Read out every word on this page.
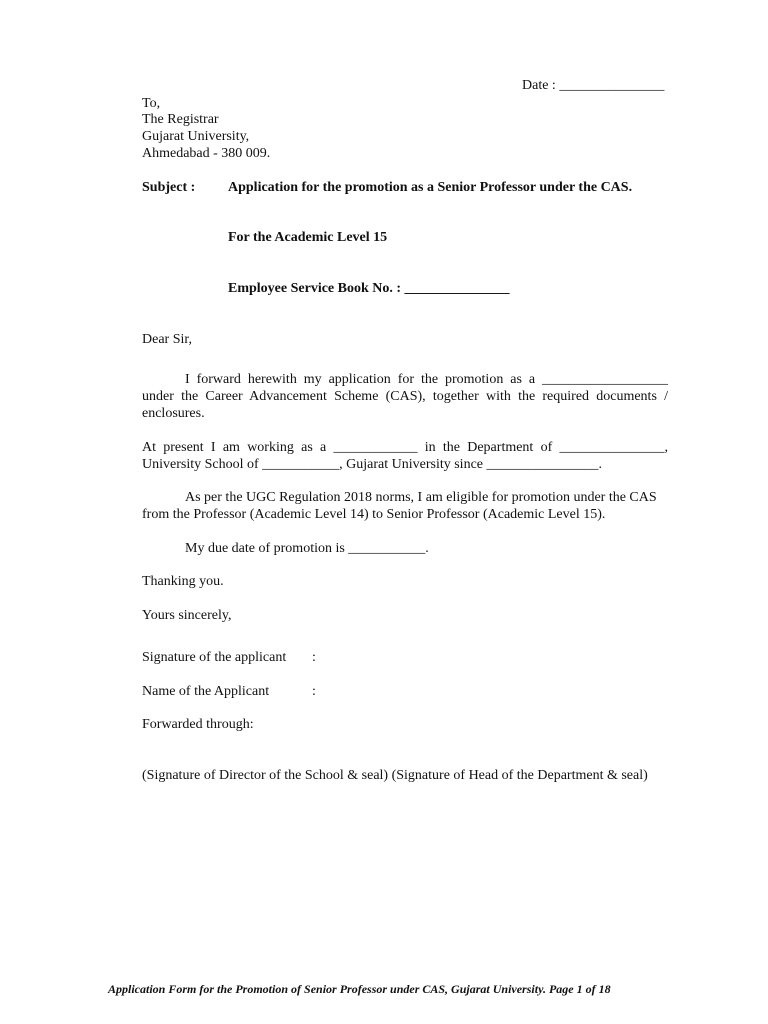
Date : _______________
To,
The Registrar
Gujarat University,
Ahmedabad - 380 009.
Subject : Application for the promotion as a Senior Professor under the CAS.
For the Academic Level 15
Employee Service Book No. : _______________
Dear Sir,
I forward herewith my application for the promotion as a __________________
under the Career Advancement Scheme (CAS), together with the required documents /
enclosures.
At present I am working as a ____________ in the Department of _______________,
University School of ___________, Gujarat University since ________________.
As per the UGC Regulation 2018 norms, I am eligible for promotion under the CAS
from the Professor (Academic Level 14) to Senior Professor (Academic Level 15).
My due date of promotion is ___________.
Thanking you.
Yours sincerely,
Signature of the applicant :
Name of the Applicant	:
Forwarded through:
(Signature of Director of the School & seal) (Signature of Head of the Department & seal)
Application Form for the Promotion of Senior Professor under CAS, Gujarat University. Page 1 of 18
